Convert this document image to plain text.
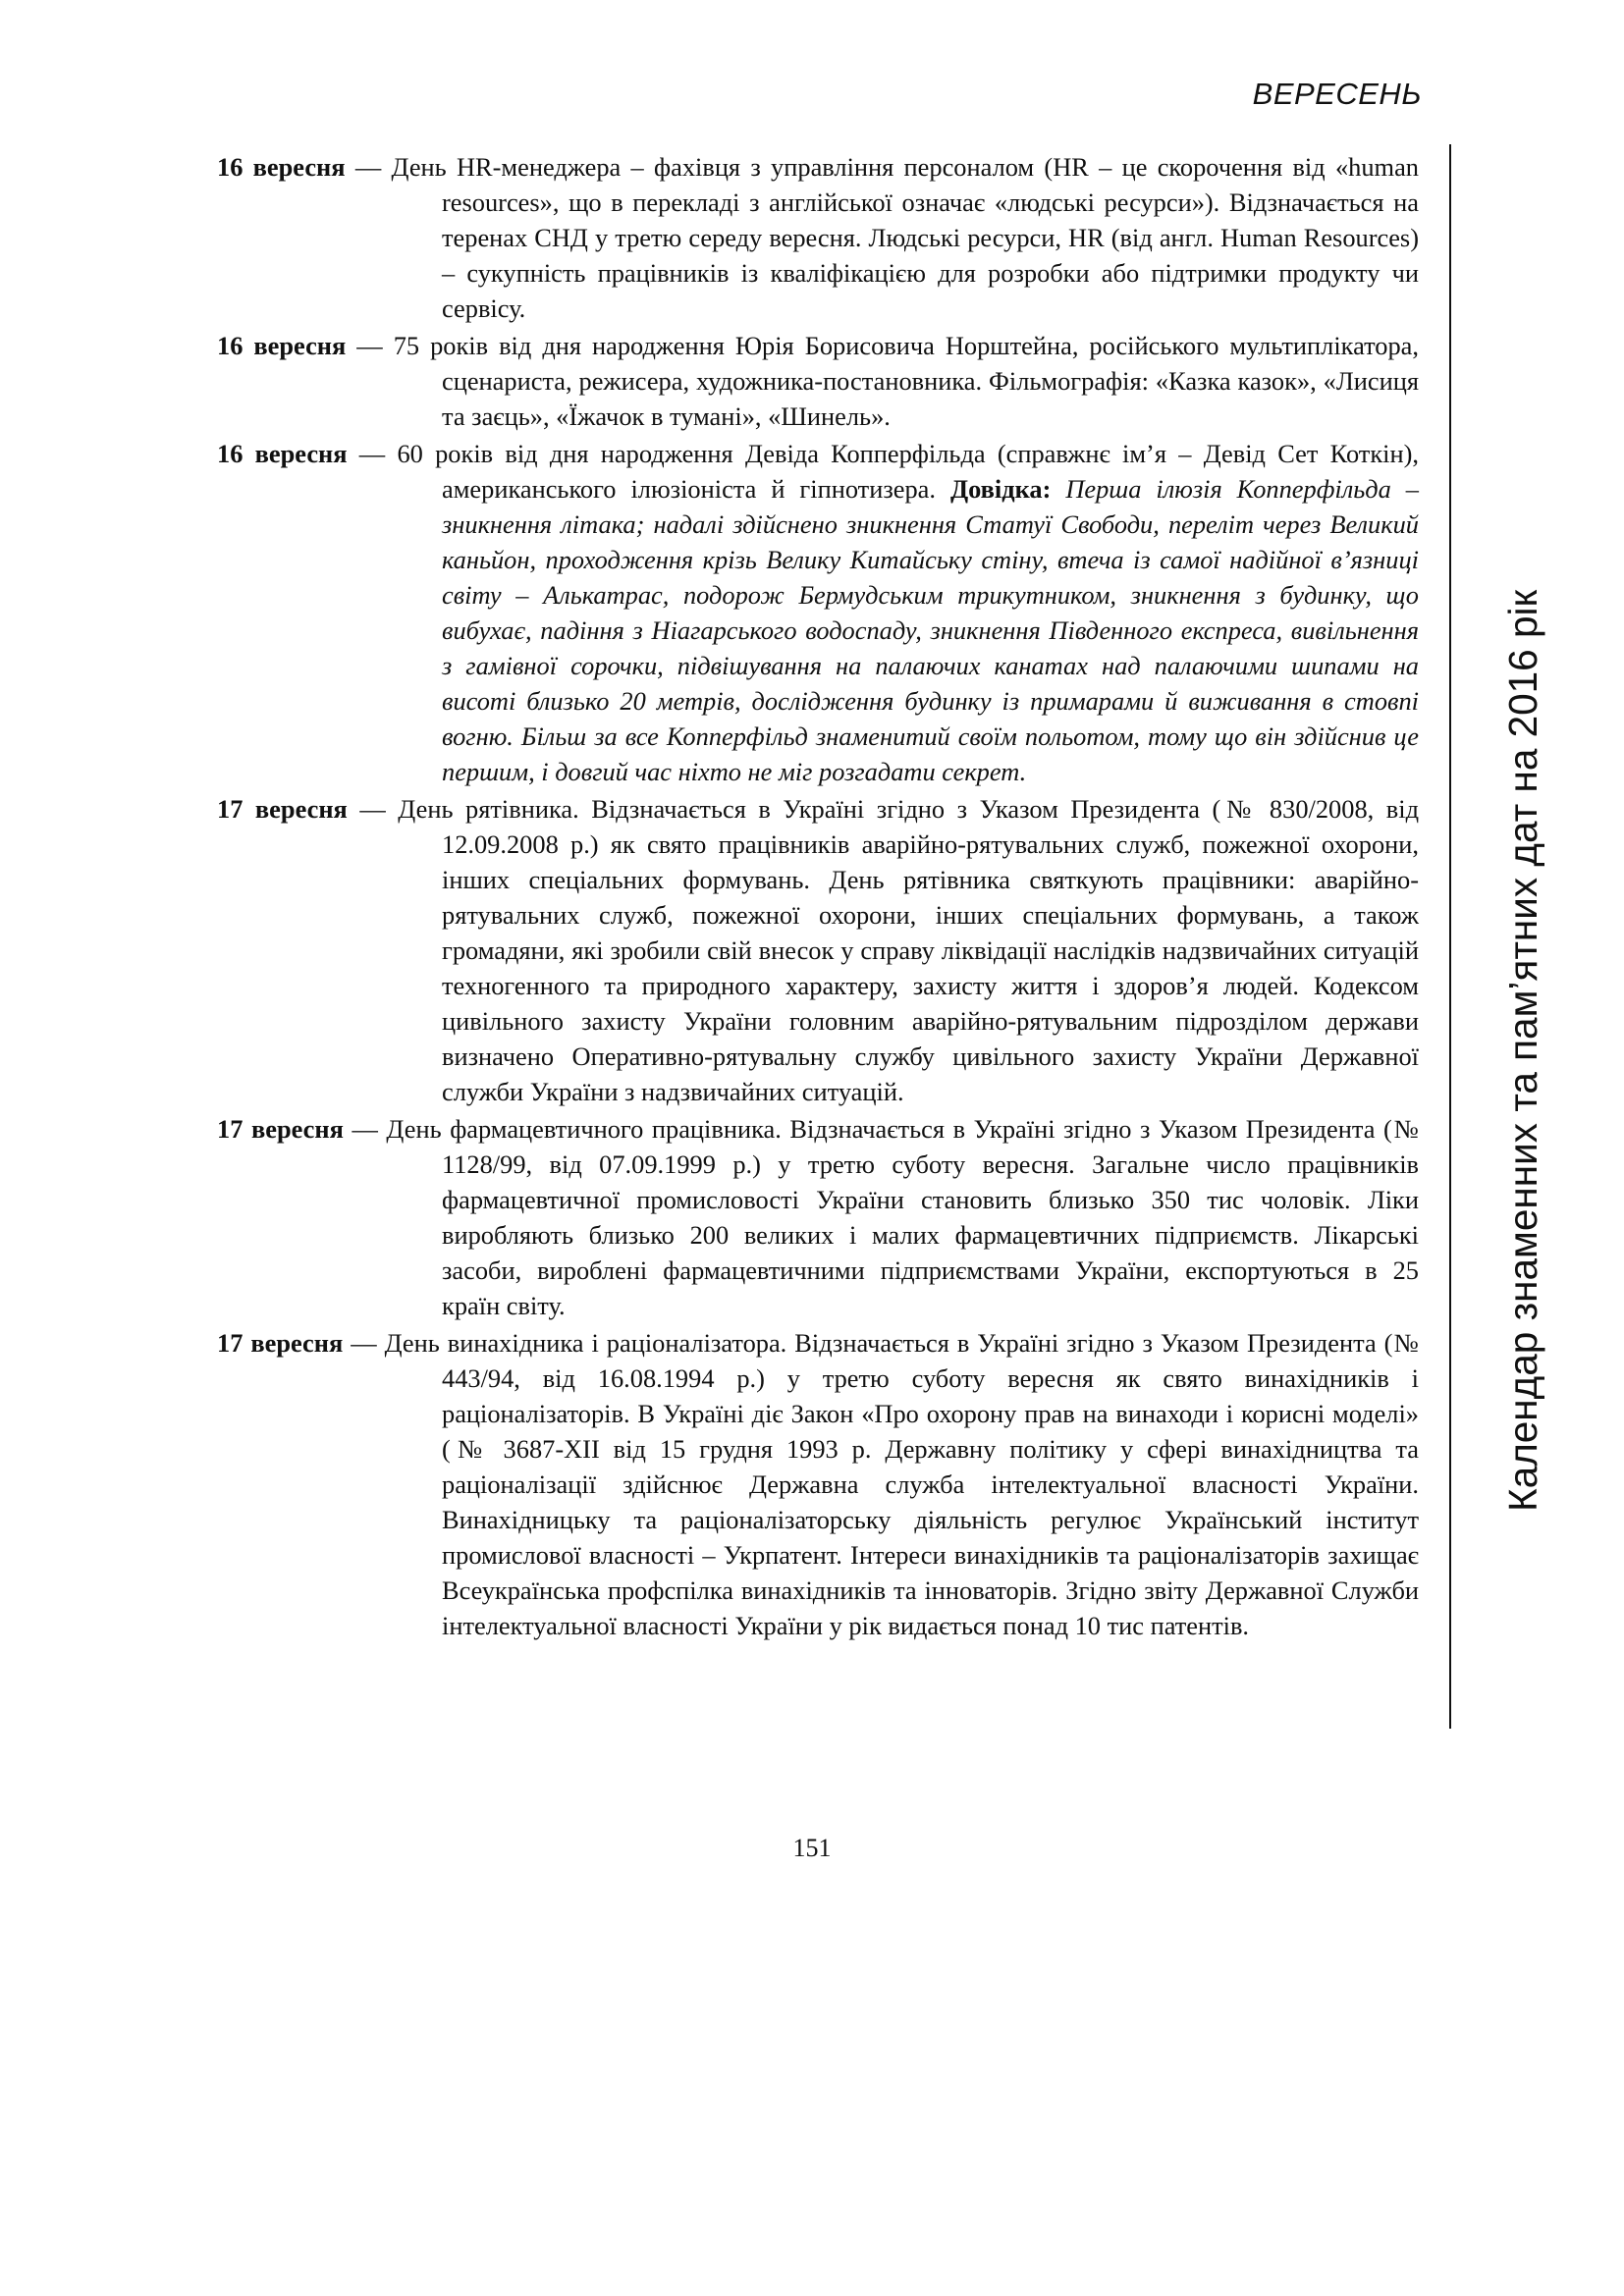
ВЕРЕСЕНЬ
Календар знаменних та пам’ятних дат на 2016 рік

16 вересня — День HR-менеджера – фахівця з управління персоналом (HR – це скорочення від «human resources», що в перекладі з англійської означає «людські ресурси»). Відзначається на теренах СНД у третю середу вересня. Людські ресурси, HR (від англ. Human Resources) – сукупність працівників із кваліфікацією для розробки або підтримки продукту чи сервісу.

16 вересня — 75 років від дня народження Юрія Борисовича Норштейна, російського мультиплікатора, сценариста, режисера, художника-постановника. Фільмографія: «Казка казок», «Лисиця та заєць», «Їжачок в тумані», «Шинель».

16 вересня — 60 років від дня народження Девіда Копперфільда (справжнє ім’я – Девід Сет Коткін), американського ілюзіоніста й гіпнотизера. Довідка: Перша ілюзія Копперфільда – зникнення літака; надалі здійснено зникнення Статуї Свободи, переліт через Великий каньйон, проходження крізь Велику Китайську стіну, втеча із самої надійної в’язниці світу – Алькатрас, подорож Бермудським трикутником, зникнення з будинку, що вибухає, падіння з Ніагарського водоспаду, зникнення Південного експреса, вивільнення з гамівної сорочки, підвішування на палаючих канатах над палаючими шипами на висоті близько 20 метрів, дослідження будинку із примарами й виживання в стовпі вогню. Більш за все Копперфільд знаменитий своїм польотом, тому що він здійснив це першим, і довгий час ніхто не міг розгадати секрет.

17 вересня — День рятівника. Відзначається в Україні згідно з Указом Президента (№ 830/2008, від 12.09.2008 р.) як свято працівників аварійно-рятувальних служб, пожежної охорони, інших спеціальних формувань. День рятівника святкують працівники: аварійно-рятувальних служб, пожежної охорони, інших спеціальних формувань, а також громадяни, які зробили свій внесок у справу ліквідації наслідків надзвичайних ситуацій техногенного та природного характеру, захисту життя і здоров’я людей. Кодексом цивільного захисту України головним аварійно-рятувальним підрозділом держави визначено Оперативно-рятувальну службу цивільного захисту України Державної служби України з надзвичайних ситуацій.

17 вересня — День фармацевтичного працівника. Відзначається в Україні згідно з Указом Президента (№ 1128/99, від 07.09.1999 р.) у третю суботу вересня. Загальне число працівників фармацевтичної промисловості України становить близько 350 тис чоловік. Ліки виробляють близько 200 великих і малих фармацевтичних підприємств. Лікарські засоби, вироблені фармацевтичними підприємствами України, експортуються в 25 країн світу.

17 вересня — День винахідника і раціоналізатора. Відзначається в Україні згідно з Указом Президента (№ 443/94, від 16.08.1994 р.) у третю суботу вересня як свято винахідників і раціоналізаторів. В Україні діє Закон «Про охорону прав на винаходи і корисні моделі» (№ 3687-XII від 15 грудня 1993 р. Державну політику у сфері винахідництва та раціоналізації здійснює Державна служба інтелектуальної власності України. Винахідницьку та раціоналізаторську діяльність регулює Український інститут промислової власності – Укрпатент. Інтереси винахідників та раціоналізаторів захищає Всеукраїнська профспілка винахідників та інноваторів. Згідно звіту Державної Служби інтелектуальної власності України у рік видається понад 10 тис патентів.

151
